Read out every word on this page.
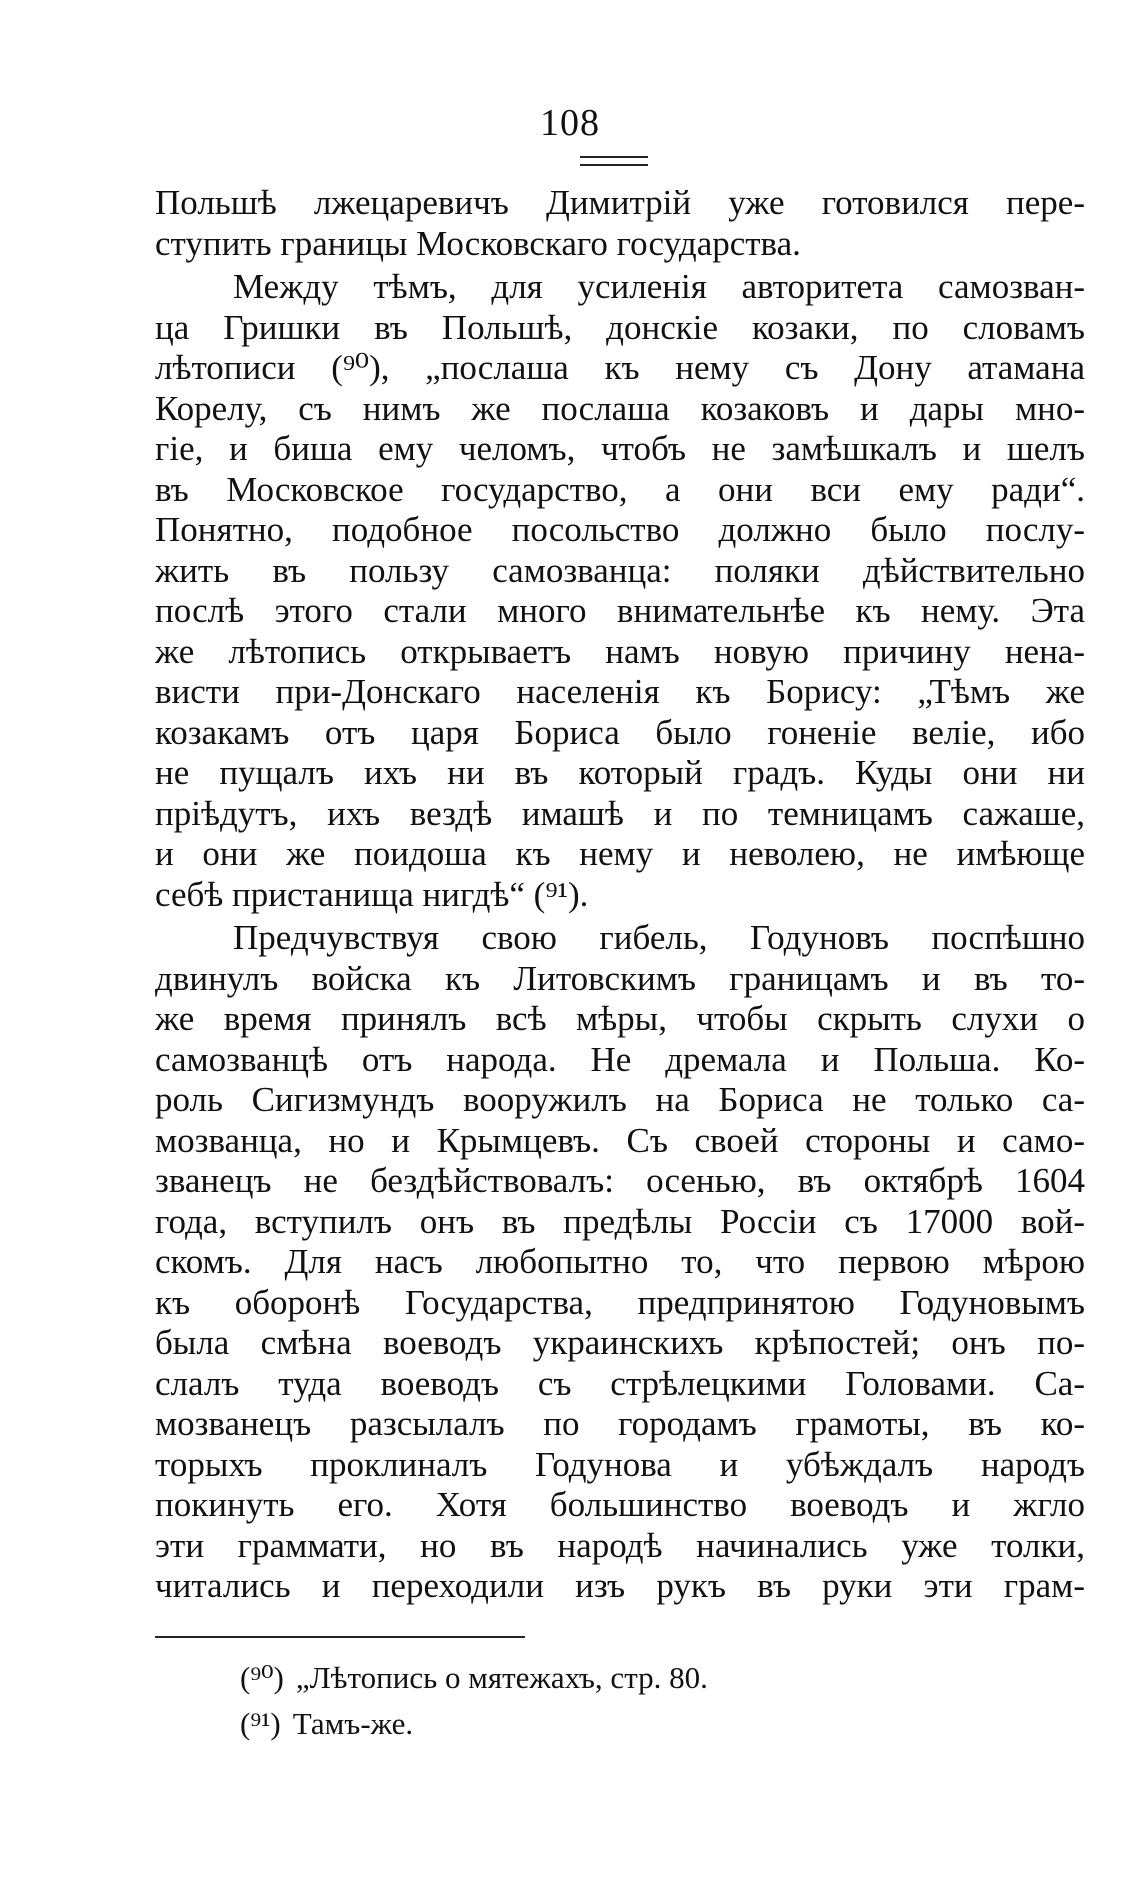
108
Польшѣ лжецаревичъ Димитрій уже готовился пере-
ступить границы Московскаго государства.
Между тѣмъ, для усиленія авторитета самозван-
ца Гришки въ Польшѣ, донскіе козаки, по словамъ
лѣтописи (⁹⁰), „послаша къ нему съ Дону атамана
Корелу, съ нимъ же послаша козаковъ и дары мно-
гіе, и биша ему челомъ, чтобъ не замѣшкалъ и шелъ
въ Московское государство, а они вси ему ради“.
Понятно, подобное посольство должно было послу-
жить въ пользу самозванца: поляки дѣйствительно
послѣ этого стали много внимательнѣе къ нему. Эта
же лѣтопись открываетъ намъ новую причину нена-
висти при-Донскаго населенія къ Борису: „Тѣмъ же
козакамъ отъ царя Бориса было гоненіе веліе, ибо
не пущалъ ихъ ни въ который градъ. Куды они ни
пріѣдутъ, ихъ вездѣ имашѣ и по темницамъ сажаше,
и они же поидоша къ нему и неволею, не имѣюще
себѣ пристанища нигдѣ“ (⁹¹).
Предчувствуя свою гибель, Годуновъ поспѣшно
двинулъ войска къ Литовскимъ границамъ и въ то-
же время принялъ всѣ мѣры, чтобы скрыть слухи о
самозванцѣ отъ народа. Не дремала и Польша. Ко-
роль Сигизмундъ вооружилъ на Бориса не только са-
мозванца, но и Крымцевъ. Съ своей стороны и само-
званецъ не бездѣйствовалъ: осенью, въ октябрѣ 1604
года, вступилъ онъ въ предѣлы Россіи съ 17000 вой-
скомъ. Для насъ любопытно то, что первою мѣрою
къ оборонѣ Государства, предпринятою Годуновымъ
была смѣна воеводъ украинскихъ крѣпостей; онъ по-
слалъ туда воеводъ съ стрѣлецкими Головами. Са-
мозванецъ разсылалъ по городамъ грамоты, въ ко-
торыхъ проклиналъ Годунова и убѣждалъ народъ
покинуть его. Хотя большинство воеводъ и жгло
эти граммати, но въ народѣ начинались уже толки,
читались и переходили изъ рукъ въ руки эти грам-
(⁹⁰) „Лѣтопись о мятежахъ, стр. 80.
(⁹¹) Тамъ-же.
